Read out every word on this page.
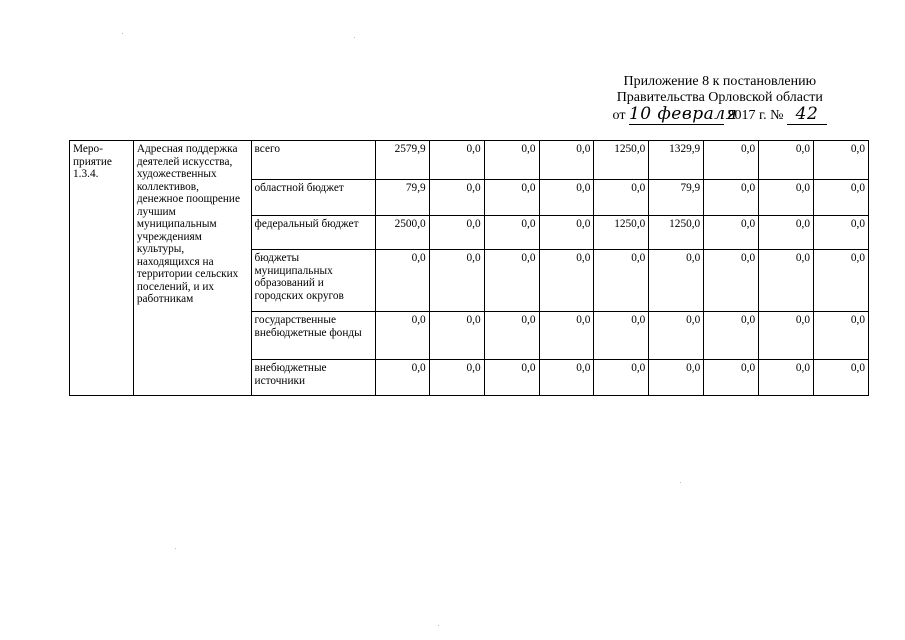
Приложение 8 к постановлению
Правительства Орловской области
от 10 февраля 2017 г. № 42
Меро-приятие 1.3.4.	Адресная поддержка деятелей искусства, художественных коллективов, денежное поощрение лучшим муниципальным учреждениям культуры, находящихся на территории сельских поселений, и их работникам	всего	2579,9	0,0	0,0	0,0	1250,0	1329,9	0,0	0,0	0,0
		областной бюджет	79,9	0,0	0,0	0,0	0,0	79,9	0,0	0,0	0,0
		федеральный бюджет	2500,0	0,0	0,0	0,0	1250,0	1250,0	0,0	0,0	0,0
		бюджеты муниципальных образований и городских округов	0,0	0,0	0,0	0,0	0,0	0,0	0,0	0,0	0,0
		государственные внебюджетные фонды	0,0	0,0	0,0	0,0	0,0	0,0	0,0	0,0	0,0
		внебюджетные источники	0,0	0,0	0,0	0,0	0,0	0,0	0,0	0,0	0,0
